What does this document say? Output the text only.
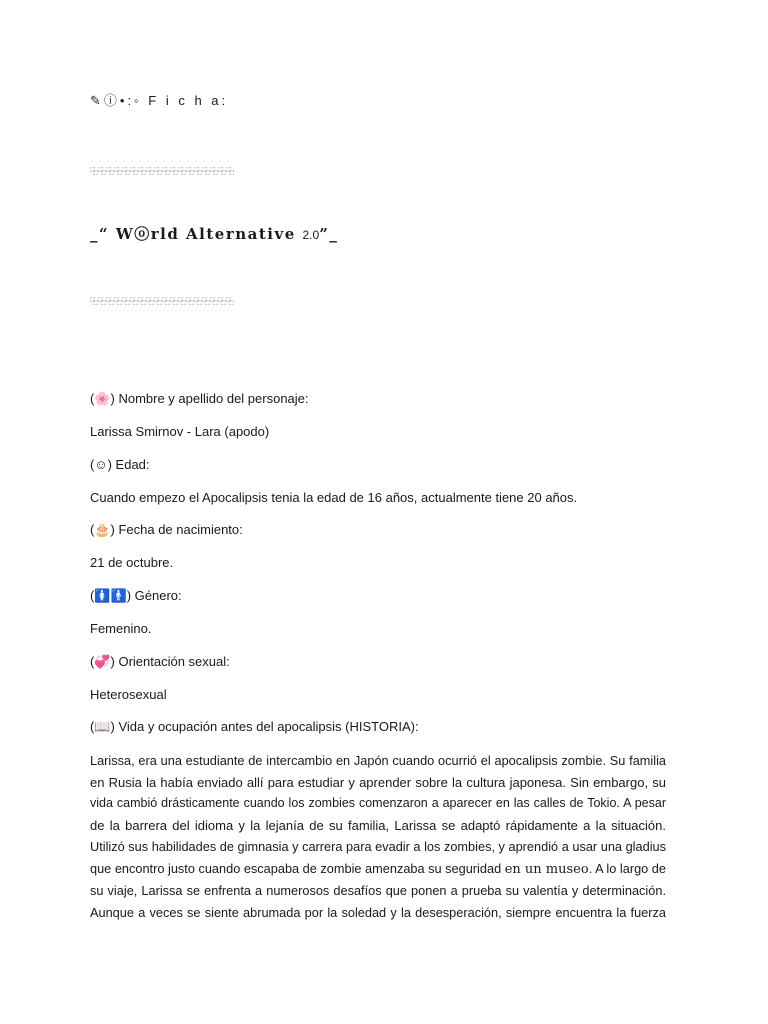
✎ⓘ•:◦ F i c h a:
⿻⿻⿻⿻⿻⿻⿻⿻⿻⿻⿻⿻⿻⿻⿻⿻⿻⿻
_“ Wⓞrld Alternative 2.0”_
⿻⿻⿻⿻⿻⿻⿻⿻⿻⿻⿻⿻⿻⿻⿻⿻⿻⿻
(🌸) Nombre y apellido del personaje:
Larissa Smirnov - Lara (apodo)
(☺) Edad:
Cuando empezo el Apocalipsis tenia la edad de 16 años, actualmente tiene 20 años.
(🎂) Fecha de nacimiento:
21 de octubre.
(🚺🚹) Género:
Femenino.
(💞) Orientación sexual:
Heterosexual
(📖) Vida y ocupación antes del apocalipsis (HISTORIA):

Larissa, era una estudiante de intercambio en Japón cuando ocurrió el apocalipsis zombie. Su familia

en Rusia la había enviado allí para estudiar y aprender sobre la cultura japonesa. Sin embargo, su

vida cambió drásticamente cuando los zombies comenzaron a aparecer en las calles de Tokio. A pesar

de la barrera del idioma y la lejanía de su familia, Larissa se adaptó rápidamente a la situación.

Utilizó sus habilidades de gimnasia y carrera para evadir a los zombies, y aprendió a usar una gladius

que encontro justo cuando escapaba de zombie amenzaba su seguridad en un museo. A lo largo de

su viaje, Larissa se enfrenta a numerosos desafíos que ponen a prueba su valentía y determinación.

Aunque a veces se siente abrumada por la soledad y la desesperación, siempre encuentra la fuerza
